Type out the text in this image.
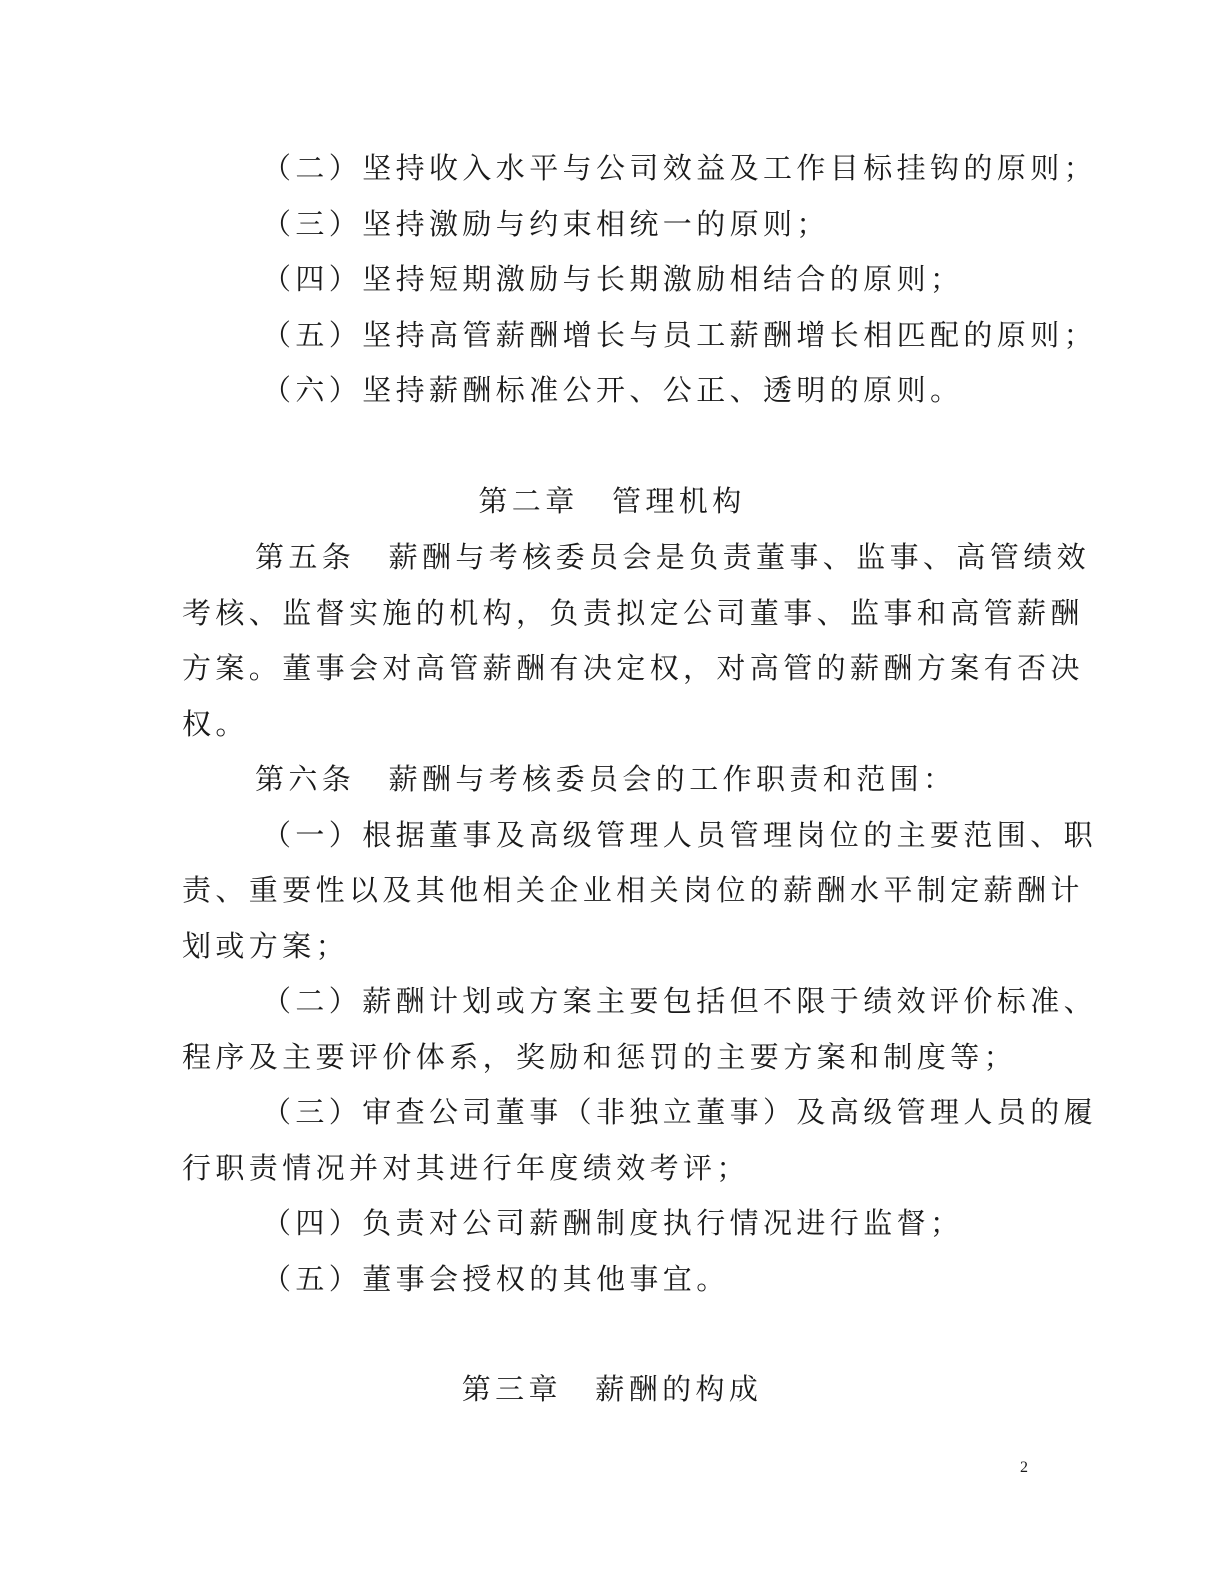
（二）坚持收入水平与公司效益及工作目标挂钩的原则；
（三）坚持激励与约束相统一的原则；
（四）坚持短期激励与长期激励相结合的原则；
（五）坚持高管薪酬增长与员工薪酬增长相匹配的原则；
（六）坚持薪酬标准公开、公正、透明的原则。
第二章　管理机构
第五条　薪酬与考核委员会是负责董事、监事、高管绩效
考核、监督实施的机构，负责拟定公司董事、监事和高管薪酬
方案。董事会对高管薪酬有决定权，对高管的薪酬方案有否决
权。
第六条　薪酬与考核委员会的工作职责和范围：
（一）根据董事及高级管理人员管理岗位的主要范围、职
责、重要性以及其他相关企业相关岗位的薪酬水平制定薪酬计
划或方案；
（二）薪酬计划或方案主要包括但不限于绩效评价标准、
程序及主要评价体系，奖励和惩罚的主要方案和制度等；
（三）审查公司董事（非独立董事）及高级管理人员的履
行职责情况并对其进行年度绩效考评；
（四）负责对公司薪酬制度执行情况进行监督；
（五）董事会授权的其他事宜。
第三章　薪酬的构成
2
